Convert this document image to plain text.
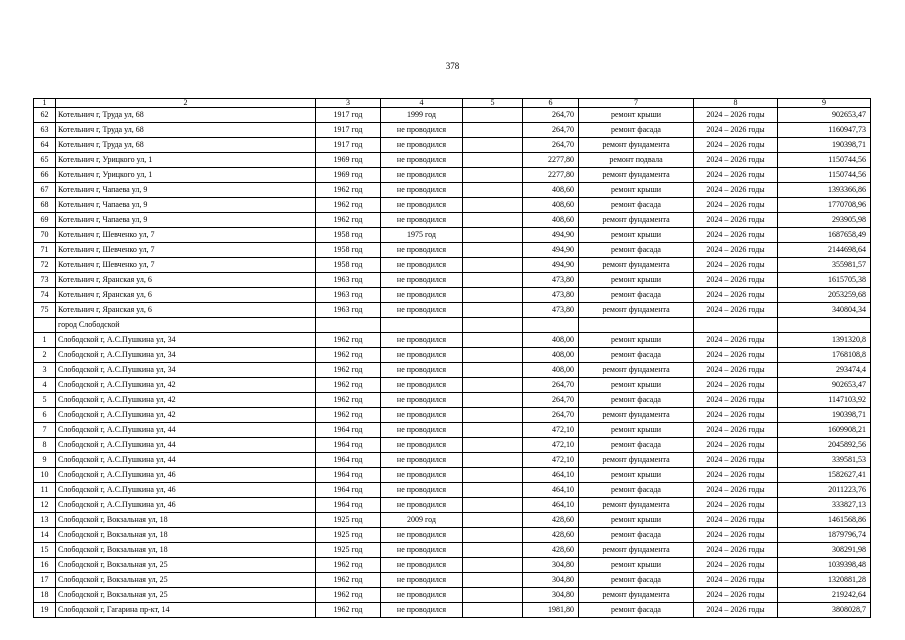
378
1	2	3	4	5	6	7	8	9
62	Котельнич г, Труда ул, 68	1917 год	1999 год		264,70	ремонт крыши	2024 – 2026 годы	902653,47
63	Котельнич г, Труда ул, 68	1917 год	не проводился		264,70	ремонт фасада	2024 – 2026 годы	1160947,73
64	Котельнич г, Труда ул, 68	1917 год	не проводился		264,70	ремонт фундамента	2024 – 2026 годы	190398,71
65	Котельнич г, Урицкого ул, 1	1969 год	не проводился		2277,80	ремонт подвала	2024 – 2026 годы	1150744,56
66	Котельнич г, Урицкого ул, 1	1969 год	не проводился		2277,80	ремонт фундамента	2024 – 2026 годы	1150744,56
67	Котельнич г, Чапаева ул, 9	1962 год	не проводился		408,60	ремонт крыши	2024 – 2026 годы	1393366,86
68	Котельнич г, Чапаева ул, 9	1962 год	не проводился		408,60	ремонт фасада	2024 – 2026 годы	1770708,96
69	Котельнич г, Чапаева ул, 9	1962 год	не проводился		408,60	ремонт фундамента	2024 – 2026 годы	293905,98
70	Котельнич г, Шевченко ул, 7	1958 год	1975 год		494,90	ремонт крыши	2024 – 2026 годы	1687658,49
71	Котельнич г, Шевченко ул, 7	1958 год	не проводился		494,90	ремонт фасада	2024 – 2026 годы	2144698,64
72	Котельнич г, Шевченко ул, 7	1958 год	не проводился		494,90	ремонт фундамента	2024 – 2026 годы	355981,57
73	Котельнич г, Яранская ул, 6	1963 год	не проводился		473,80	ремонт крыши	2024 – 2026 годы	1615705,38
74	Котельнич г, Яранская ул, 6	1963 год	не проводился		473,80	ремонт фасада	2024 – 2026 годы	2053259,68
75	Котельнич г, Яранская ул, 6	1963 год	не проводился		473,80	ремонт фундамента	2024 – 2026 годы	340804,34
	город Слободской							
1	Слободской г, А.С.Пушкина ул, 34	1962 год	не проводился		408,00	ремонт крыши	2024 – 2026 годы	1391320,8
2	Слободской г, А.С.Пушкина ул, 34	1962 год	не проводился		408,00	ремонт фасада	2024 – 2026 годы	1768108,8
3	Слободской г, А.С.Пушкина ул, 34	1962 год	не проводился		408,00	ремонт фундамента	2024 – 2026 годы	293474,4
4	Слободской г, А.С.Пушкина ул, 42	1962 год	не проводился		264,70	ремонт крыши	2024 – 2026 годы	902653,47
5	Слободской г, А.С.Пушкина ул, 42	1962 год	не проводился		264,70	ремонт фасада	2024 – 2026 годы	1147103,92
6	Слободской г, А.С.Пушкина ул, 42	1962 год	не проводился		264,70	ремонт фундамента	2024 – 2026 годы	190398,71
7	Слободской г, А.С.Пушкина ул, 44	1964 год	не проводился		472,10	ремонт крыши	2024 – 2026 годы	1609908,21
8	Слободской г, А.С.Пушкина ул, 44	1964 год	не проводился		472,10	ремонт фасада	2024 – 2026 годы	2045892,56
9	Слободской г, А.С.Пушкина ул, 44	1964 год	не проводился		472,10	ремонт фундамента	2024 – 2026 годы	339581,53
10	Слободской г, А.С.Пушкина ул, 46	1964 год	не проводился		464,10	ремонт крыши	2024 – 2026 годы	1582627,41
11	Слободской г, А.С.Пушкина ул, 46	1964 год	не проводился		464,10	ремонт фасада	2024 – 2026 годы	2011223,76
12	Слободской г, А.С.Пушкина ул, 46	1964 год	не проводился		464,10	ремонт фундамента	2024 – 2026 годы	333827,13
13	Слободской г, Вокзальная ул, 18	1925 год	2009 год		428,60	ремонт крыши	2024 – 2026 годы	1461568,86
14	Слободской г, Вокзальная ул, 18	1925 год	не проводился		428,60	ремонт фасада	2024 – 2026 годы	1879796,74
15	Слободской г, Вокзальная ул, 18	1925 год	не проводился		428,60	ремонт фундамента	2024 – 2026 годы	308291,98
16	Слободской г, Вокзальная ул, 25	1962 год	не проводился		304,80	ремонт крыши	2024 – 2026 годы	1039398,48
17	Слободской г, Вокзальная ул, 25	1962 год	не проводился		304,80	ремонт фасада	2024 – 2026 годы	1320881,28
18	Слободской г, Вокзальная ул, 25	1962 год	не проводился		304,80	ремонт фундамента	2024 – 2026 годы	219242,64
19	Слободской г, Гагарина пр-кт, 14	1962 год	не проводился		1981,80	ремонт фасада	2024 – 2026 годы	3808028,7
